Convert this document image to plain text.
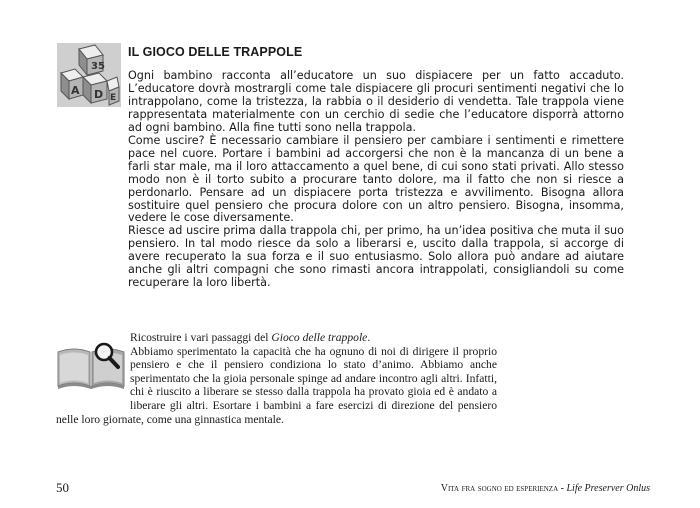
35
A D E
IL GIOCO DELLE TRAPPOLE

Ogni bambino racconta all’educatore un suo dispiacere per un fatto accaduto. L’educatore dovrà mostrargli come tale dispiacere gli procuri sentimenti negativi che lo intrappolano, come la tristezza, la rabbia o il desiderio di vendetta. Tale trappola viene rappresentata materialmente con un cerchio di sedie che l’educatore disporrà attorno ad ogni bambino. Alla fine tutti sono nella trappola.

Come uscire? È necessario cambiare il pensiero per cambiare i sentimenti e rimettere pace nel cuore. Portare i bambini ad accorgersi che non è la mancanza di un bene a farli star male, ma il loro attaccamento a quel bene, di cui sono stati privati. Allo stesso modo non è il torto subito a procurare tanto dolore, ma il fatto che non si riesce a perdonarlo. Pensare ad un dispiacere porta tristezza e avvilimento. Bisogna allora sostituire quel pensiero che procura dolore con un altro pensiero. Bisogna, insomma, vedere le cose diversamente.

Riesce ad uscire prima dalla trappola chi, per primo, ha un’idea positiva che muta il suo pensiero. In tal modo riesce da solo a liberarsi e, uscito dalla trappola, si accorge di avere recuperato la sua forza e il suo entusiasmo. Solo allora può andare ad aiutare anche gli altri compagni che sono rimasti ancora intrappolati, consigliandoli su come recuperare la loro libertà.

Ricostruire i vari passaggi del Gioco delle trappole.

Abbiamo sperimentato la capacità che ha ognuno di noi di dirigere il proprio pensiero e che il pensiero condiziona lo stato d’animo. Abbiamo anche sperimentato che la gioia personale spinge ad andare incontro agli altri. Infatti, chi è riuscito a liberare se stesso dalla trappola ha provato gioia ed è andato a liberare gli altri. Esortare i bambini a fare esercizi di direzione del pensiero nelle loro giornate, come una ginnastica mentale.

50	Vita fra sogno ed esperienza - Life Preserver Onlus
